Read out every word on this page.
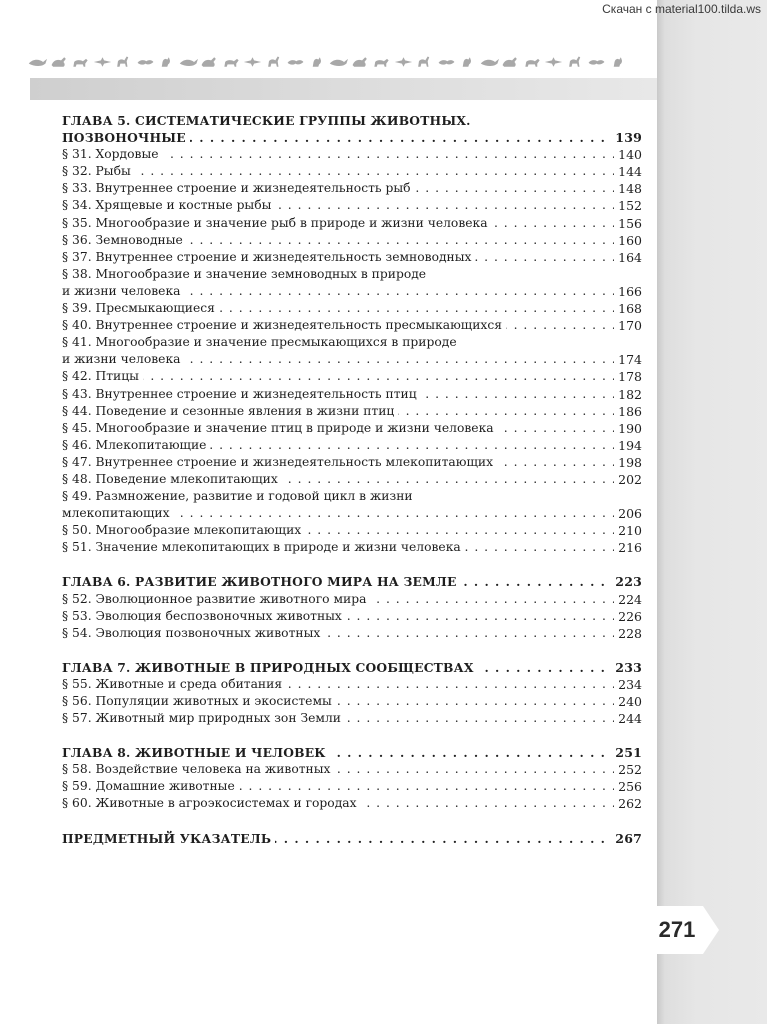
Скачан с material100.tilda.ws
ГЛАВА 5. СИСТЕМАТИЧЕСКИЕ ГРУППЫ ЖИВОТНЫХ.
ПОЗВОНОЧНЫЕ	139
. . .
§ 31. Хордовые	140
. . .
§ 32. Рыбы	144
. . .
§ 33. Внутреннее строение и жизнедеятельность рыб	148
. . .
§ 34. Хрящевые и костные рыбы	152
. . .
§ 35. Многообразие и значение рыб в природе и жизни человека	156
. . .
§ 36. Земноводные	160
. . .
§ 37. Внутреннее строение и жизнедеятельность земноводных	164
. . .
§ 38. Многообразие и значение земноводных в природе
и жизни человека	166
. . .
§ 39. Пресмыкающиеся	168
. . .
§ 40. Внутреннее строение и жизнедеятельность пресмыкающихся	170
. . .
§ 41. Многообразие и значение пресмыкающихся в природе
и жизни человека	174
. . .
§ 42. Птицы	178
. . .
§ 43. Внутреннее строение и жизнедеятельность птиц	182
. . .
§ 44. Поведение и сезонные явления в жизни птиц	186
. . .
§ 45. Многообразие и значение птиц в природе и жизни человека	190
. . .
§ 46. Млекопитающие	194
. . .
§ 47. Внутреннее строение и жизнедеятельность млекопитающих	198
. . .
§ 48. Поведение млекопитающих	202
. . .
§ 49. Размножение, развитие и годовой цикл в жизни
млекопитающих	206
. . .
§ 50. Многообразие млекопитающих	210
. . .
§ 51. Значение млекопитающих в природе и жизни человека	216
. . .
ГЛАВА 6. РАЗВИТИЕ ЖИВОТНОГО МИРА НА ЗЕМЛЕ	223
. . .
§ 52. Эволюционное развитие животного мира	224
. . .
§ 53. Эволюция беспозвоночных животных	226
. . .
§ 54. Эволюция позвоночных животных	228
. . .
ГЛАВА 7. ЖИВОТНЫЕ В ПРИРОДНЫХ СООБЩЕСТВАХ	233
. . .
§ 55. Животные и среда обитания	234
. . .
§ 56. Популяции животных и экосистемы	240
. . .
§ 57. Животный мир природных зон Земли	244
. . .
ГЛАВА 8. ЖИВОТНЫЕ И ЧЕЛОВЕК	251
. . .
§ 58. Воздействие человека на животных	252
. . .
§ 59. Домашние животные	256
. . .
§ 60. Животные в агроэкосистемах и городах	262
. . .
ПРЕДМЕТНЫЙ УКАЗАТЕЛЬ	267
. . .
271
